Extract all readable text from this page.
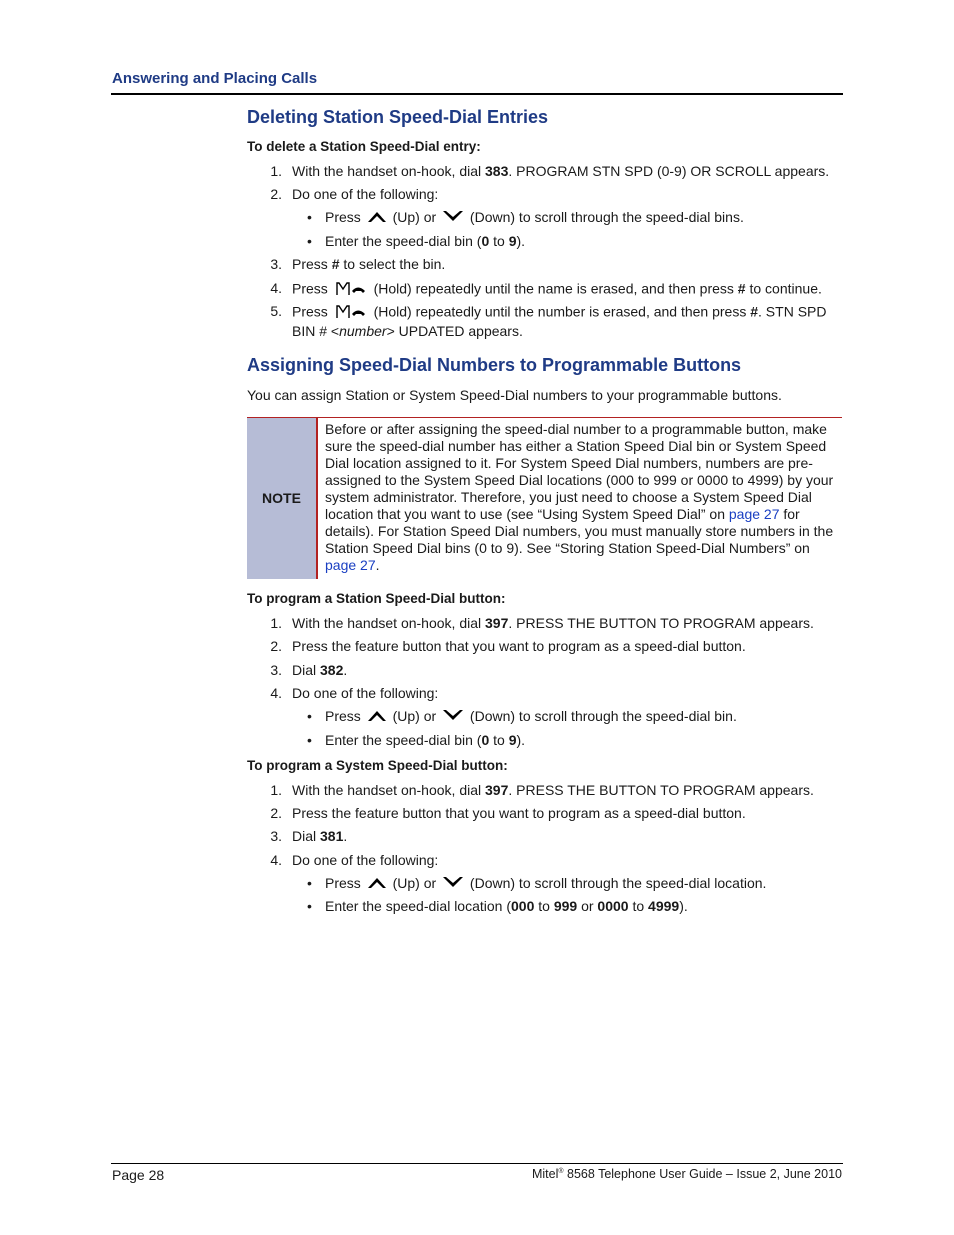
Answering and Placing Calls
Deleting Station Speed-Dial Entries
To delete a Station Speed-Dial entry:
1. With the handset on-hook, dial 383. PROGRAM STN SPD (0-9) OR SCROLL appears.
2. Do one of the following:
• Press (Up) or (Down) to scroll through the speed-dial bins.
• Enter the speed-dial bin (0 to 9).
3. Press # to select the bin.
4. Press	(Hold) repeatedly until the name is erased, and then press # to continue.
5. Press	(Hold) repeatedly until the number is erased, and then press #. STN SPD
BIN # <number> UPDATED appears.
Assigning Speed-Dial Numbers to Programmable Buttons
You can assign Station or System Speed-Dial numbers to your programmable buttons.
NOTE
Before or after assigning the speed-dial number to a programmable button, make sure the speed-dial number has either a Station Speed Dial bin or System Speed Dial location assigned to it. For System Speed Dial numbers, numbers are pre-assigned to the System Speed Dial locations (000 to 999 or 0000 to 4999) by your system administrator. Therefore, you just need to choose a System Speed Dial location that you want to use (see “Using System Speed Dial” on page 27 for details). For Station Speed Dial numbers, you must manually store numbers in the Station Speed Dial bins (0 to 9). See “Storing Station Speed-Dial Numbers” on page 27.
To program a Station Speed-Dial button:
1. With the handset on-hook, dial 397. PRESS THE BUTTON TO PROGRAM appears.
2. Press the feature button that you want to program as a speed-dial button.
3. Dial 382.
4. Do one of the following:
• Press (Up) or (Down) to scroll through the speed-dial bin.
• Enter the speed-dial bin (0 to 9).
To program a System Speed-Dial button:
1. With the handset on-hook, dial 397. PRESS THE BUTTON TO PROGRAM appears.
2. Press the feature button that you want to program as a speed-dial button.
3. Dial 381.
4. Do one of the following:
• Press (Up) or (Down) to scroll through the speed-dial location.
• Enter the speed-dial location (000 to 999 or 0000 to 4999).
Page 28	Mitel® 8568 Telephone User Guide – Issue 2, June 2010
